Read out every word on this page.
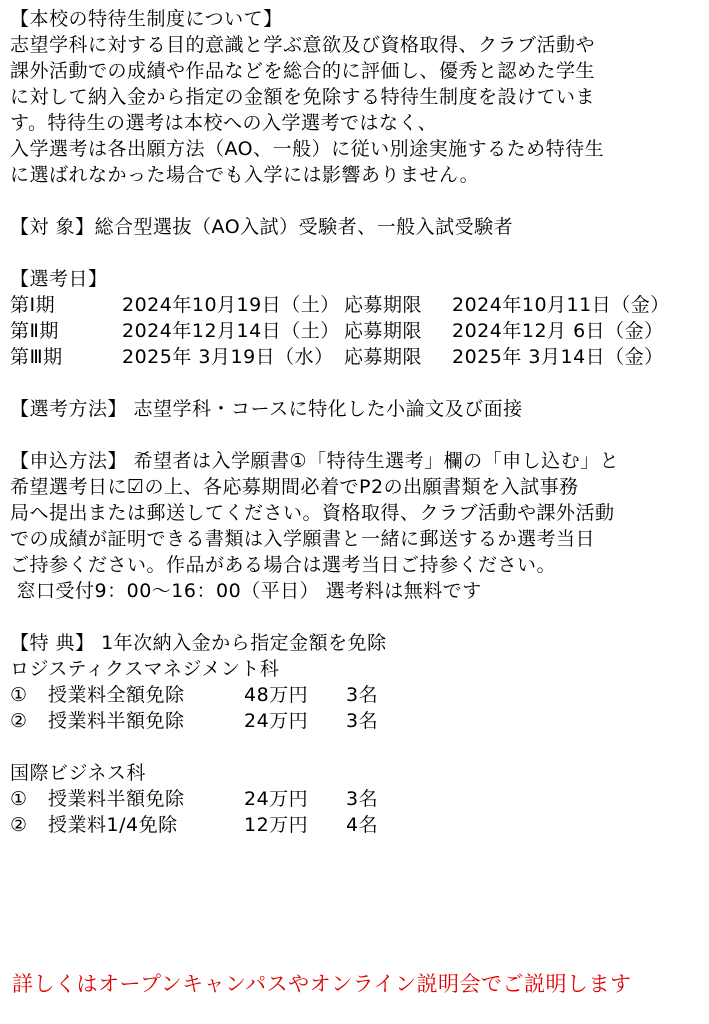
【本校の特待生制度について】
志望学科に対する目的意識と学ぶ意欲及び資格取得、クラブ活動や
課外活動での成績や作品などを総合的に評価し、優秀と認めた学生
に対して納入金から指定の金額を免除する特待生制度を設けていま
す。特待生の選考は本校への入学選考ではなく、
入学選考は各出願方法（AO、一般）に従い別途実施するため特待生
に選ばれなかった場合でも入学には影響ありません。
【対 象】総合型選抜（AO入試）受験者、一般入試受験者
【選考日】
第Ⅰ期	2024年10月19日（土） 応募期限	2024年10月11日（金）
第Ⅱ期	2024年12月14日（土） 応募期限	2024年12月 6日（金）
第Ⅲ期	2025年 3月19日（水） 応募期限	2025年 3月14日（金）
【選考方法】 志望学科・コースに特化した小論文及び面接
【申込方法】 希望者は入学願書①「特待生選考」欄の「申し込む」と
希望選考日に☑の上、各応募期間必着でP2の出願書類を入試事務
局へ提出または郵送してください。資格取得、クラブ活動や課外活動
での成績が証明できる書類は入学願書と一緒に郵送するか選考当日
ご持参ください。作品がある場合は選考当日ご持参ください。
窓口受付9：00～16：00（平日） 選考料は無料です
【特 典】 1年次納入金から指定金額を免除
ロジスティクスマネジメント科
①	授業料全額免除	48万円	3名
②	授業料半額免除	24万円	3名
国際ビジネス科
①	授業料半額免除	24万円	3名
②	授業料1/4免除	12万円	4名
詳しくはオープンキャンパスやオンライン説明会でご説明します
